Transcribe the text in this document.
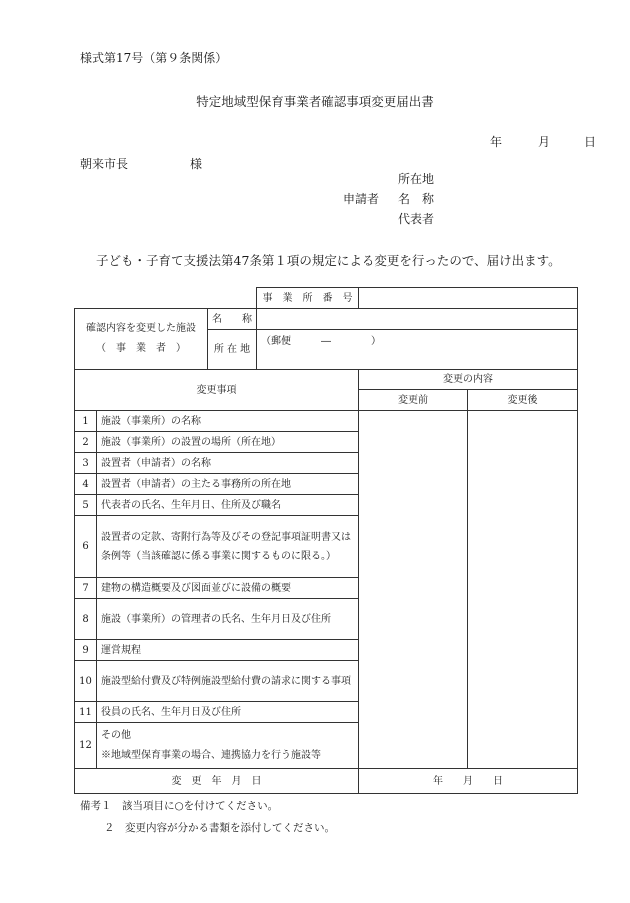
様式第17号（第９条関係）
特定地域型保育事業者確認事項変更届出書
年	月	日
朝来市長	様
所在地
申請者 名　称
代表者
子ども・子育て支援法第47条第１項の規定による変更を行ったので、届け出ます。
			事　業　所　番　号		

確認内容を変更した施設
（　事　業　者　）		名　　称			
		所 在 地	（郵便　　　―　　　　）		
変更事項				変更の内容	
				変更前	変更後
1	施設（事業所）の名称				
2	施設（事業所）の設置の場所（所在地）				
3	設置者（申請者）の名称				
4	設置者（申請者）の主たる事務所の所在地				
5	代表者の氏名、生年月日、住所及び職名				
6	設置者の定款、寄附行為等及びその登記事項証明書又は条例等（当該確認に係る事業に関するものに限る。）				
7	建物の構造概要及び図面並びに設備の概要				
8	施設（事業所）の管理者の氏名、生年月日及び住所				
9	運営規程				
10	施設型給付費及び特例施設型給付費の請求に関する事項				
11	役員の氏名、生年月日及び住所				
12	その他
※地域型保育事業の場合、連携協力を行う施設等				

変　更　年　月　日				年　　月　　日	
備考１　該当項目に○を付けてください。
２　変更内容が分かる書類を添付してください。
